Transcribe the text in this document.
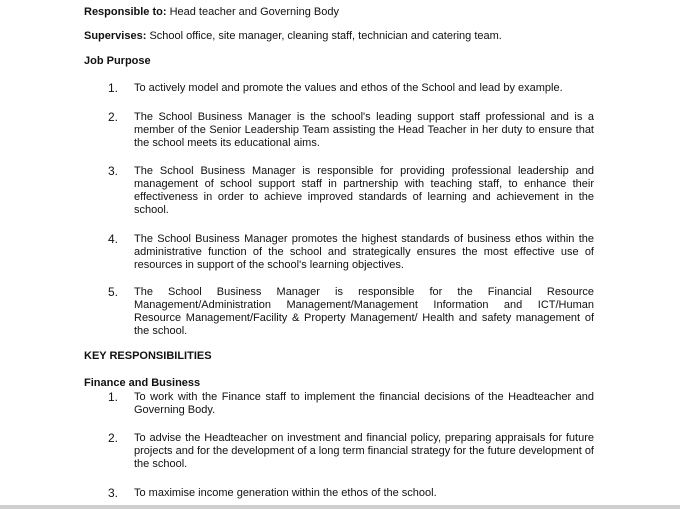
Responsible to: Head teacher and Governing Body
Supervises: School office, site manager, cleaning staff, technician and catering team.
Job Purpose
1. To actively model and promote the values and ethos of the School and lead by example.
2. The School Business Manager is the school's leading support staff professional and is a member of the Senior Leadership Team assisting the Head Teacher in her duty to ensure that the school meets its educational aims.
3. The School Business Manager is responsible for providing professional leadership and management of school support staff in partnership with teaching staff, to enhance their effectiveness in order to achieve improved standards of learning and achievement in the school.
4. The School Business Manager promotes the highest standards of business ethos within the administrative function of the school and strategically ensures the most effective use of resources in support of the school's learning objectives.
5. The School Business Manager is responsible for the Financial Resource Management/Administration Management/Management Information and ICT/Human Resource Management/Facility & Property Management/ Health and safety management of the school.
KEY RESPONSIBILITIES
Finance and Business
1. To work with the Finance staff to implement the financial decisions of the Headteacher and Governing Body.
2. To advise the Headteacher on investment and financial policy, preparing appraisals for future projects and for the development of a long term financial strategy for the future development of the school.
3. To maximise income generation within the ethos of the school.
